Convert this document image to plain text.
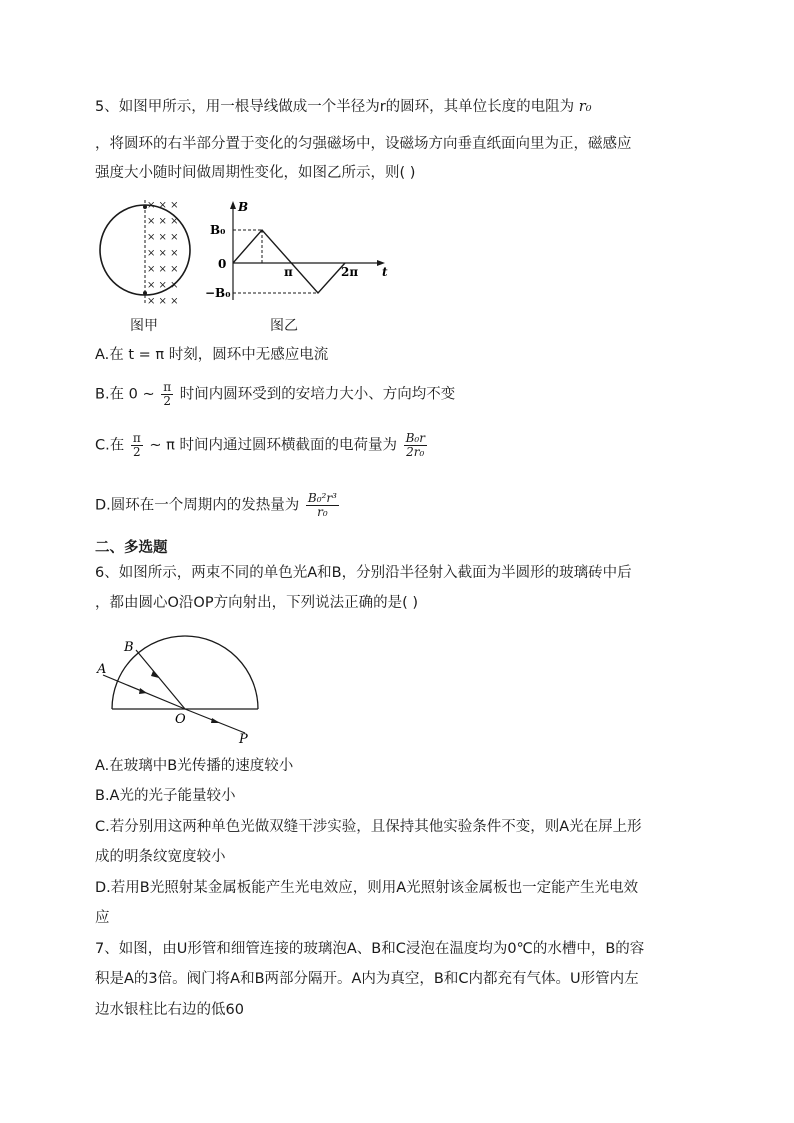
5、如图甲所示，用一根导线做成一个半径为r的圆环，其单位长度的电阻为 r₀
，将圆环的右半部分置于变化的匀强磁场中，设磁场方向垂直纸面向里为正，磁感应
强度大小随时间做周期性变化，如图乙所示，则( )
× × ×
× × ×
× × ×
× × ×
× × ×
× × ×
× × ×
图甲
B
t
B₀
0
−B₀
π	2π
图乙
A.在 t = π 时刻，圆环中无感应电流
B.在 0 ~ $\frac{\pi}{2}$ 时间内圆环受到的安培力大小、方向均不变
C.在 $\frac{\pi}{2}$ ~ π 时间内通过圆环横截面的电荷量为 $\frac{\text{B₀r}}{\text{2r₀}}$
D.圆环在一个周期内的发热量为 $\frac{\text{B₀²r³}}{\text{r₀}}$
二、多选题
6、如图所示，两束不同的单色光A和B，分别沿半径射入截面为半圆形的玻璃砖中后
，都由圆心O沿OP方向射出，下列说法正确的是( )
A
B
O
P
A.在玻璃中B光传播的速度较小
B.A光的光子能量较小
C.若分别用这两种单色光做双缝干涉实验，且保持其他实验条件不变，则A光在屏上形
成的明条纹宽度较小
D.若用B光照射某金属板能产生光电效应，则用A光照射该金属板也一定能产生光电效
应
7、如图，由U形管和细管连接的玻璃泡A、B和C浸泡在温度均为0℃的水槽中，B的容
积是A的3倍。阀门将A和B两部分隔开。A内为真空，B和C内都充有气体。U形管内左
边水银柱比右边的低60
